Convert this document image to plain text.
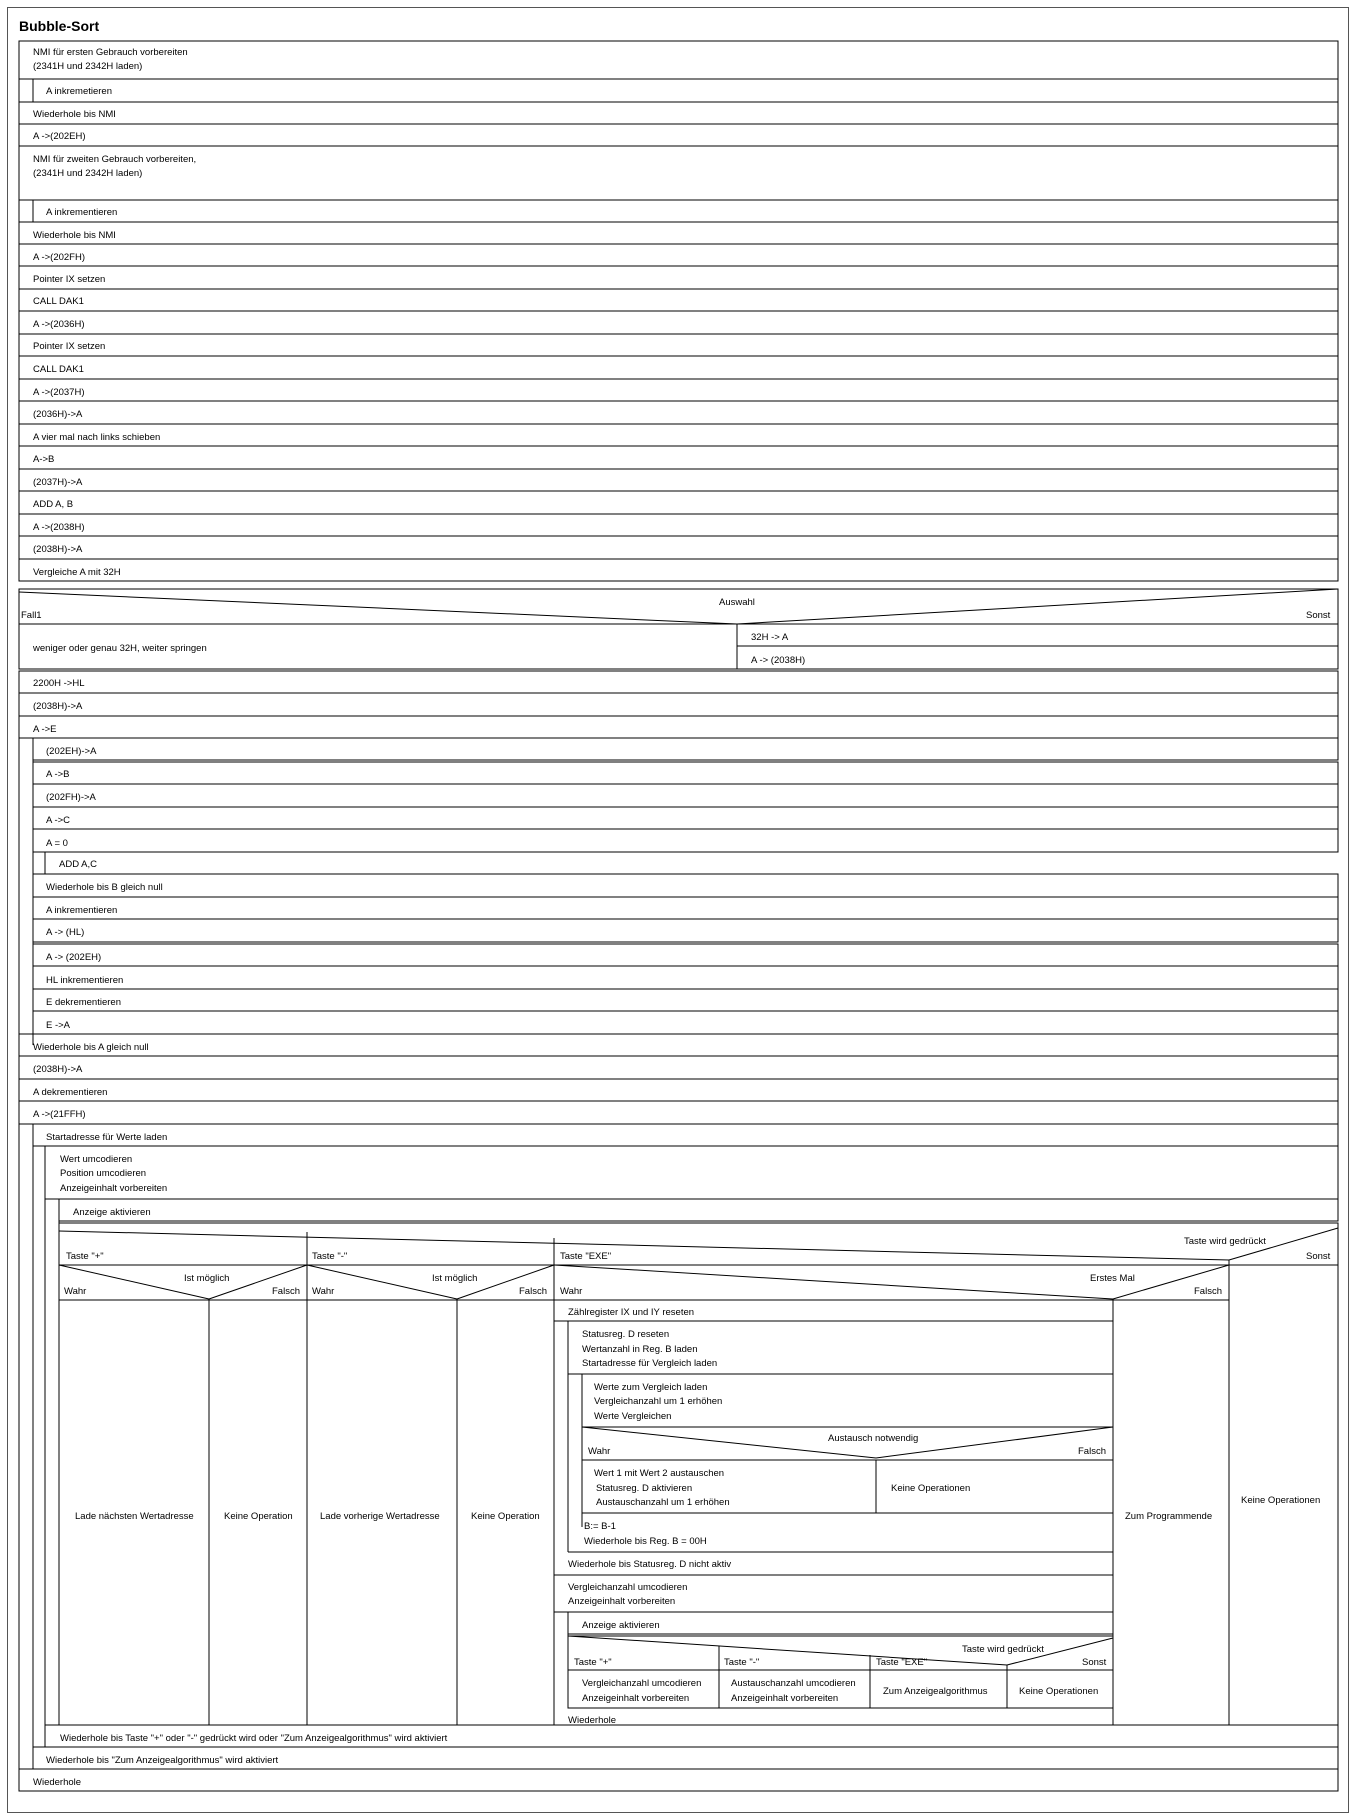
Bubble-Sort
NMI für ersten Gebrauch vorbereiten
(2341H und 2342H laden)
A inkremetieren
Wiederhole bis NMI
A ->(202EH)
NMI für zweiten Gebrauch vorbereiten,
(2341H und 2342H laden)
A inkrementieren
Wiederhole bis NMI
A ->(202FH)
Pointer IX setzen
CALL DAK1
A ->(2036H)
Pointer IX setzen
CALL DAK1
A ->(2037H)
(2036H)->A
A vier mal nach links schieben
A->B
(2037H)->A
ADD A, B
A ->(2038H)
(2038H)->A
Vergleiche A mit 32H
Auswahl
Fall1	Sonst
weniger oder genau 32H, weiter springen
32H -> A
A -> (2038H)
2200H ->HL
(2038H)->A
A ->E
(202EH)->A
A ->B
(202FH)->A
A ->C
A = 0
ADD A,C
Wiederhole bis B gleich null
A inkrementieren
A -> (HL)
A -> (202EH)
HL inkrementieren
E dekrementieren
E ->A
Wiederhole bis A gleich null
(2038H)->A
A dekrementieren
A ->(21FFH)
Startadresse für Werte laden
Wert umcodieren
Position umcodieren
Anzeigeinhalt vorbereiten
Anzeige aktivieren
Taste wird gedrückt
Sonst
Taste "+"	Taste "-"	Taste "EXE"
Keine Operationen
Ist möglich
Wahr	Falsch
Lade nächsten Wertadresse	Keine Operation
Ist möglich
Wahr	Falsch
Lade vorherige Wertadresse	Keine Operation
Erstes Mal
Wahr	Falsch
Zum Programmende
Zählregister IX und IY reseten
Statusreg. D reseten
Wertanzahl in Reg. B laden
Startadresse für Vergleich laden
Werte zum Vergleich laden
Vergleichanzahl um 1 erhöhen
Werte Vergleichen
Austausch notwendig
Wahr	Falsch
Wert 1 mit Wert 2 austauschen
Statusreg. D aktivieren
Austauschanzahl um 1 erhöhen
Keine Operationen
B:= B-1
Wiederhole bis Reg. B = 00H
Wiederhole bis Statusreg. D nicht aktiv
Vergleichanzahl umcodieren
Anzeigeinhalt vorbereiten
Anzeige aktivieren
Taste wird gedrückt
Taste "+"	Taste "-"	Taste "EXE"	Sonst
Vergleichanzahl umcodieren
Anzeigeinhalt vorbereiten
Austauschanzahl umcodieren
Anzeigeinhalt vorbereiten
Zum Anzeigealgorithmus	Keine Operationen
Wiederhole
Wiederhole bis Taste "+" oder "-" gedrückt wird oder "Zum Anzeigealgorithmus" wird aktiviert
Wiederhole bis "Zum Anzeigealgorithmus" wird aktiviert
Wiederhole
